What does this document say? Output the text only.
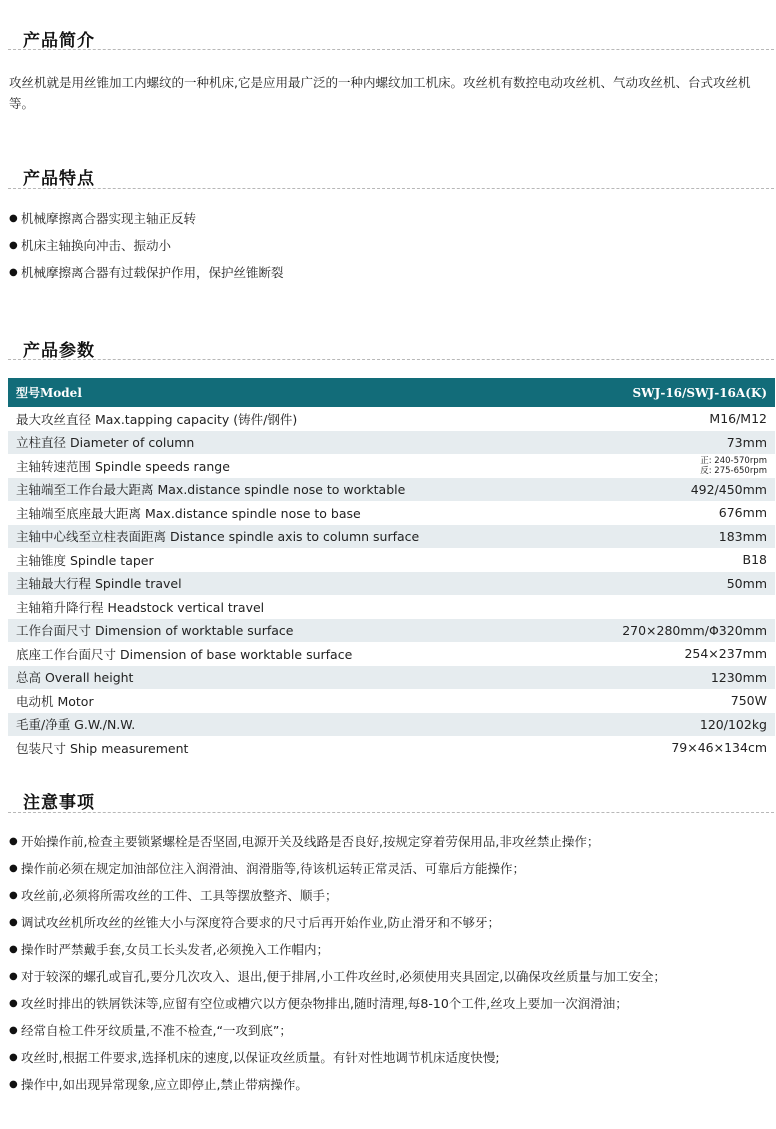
产品简介
攻丝机就是用丝锥加工内螺纹的一种机床,它是应用最广泛的一种内螺纹加工机床。攻丝机有数控电动攻丝机、气动攻丝机、台式攻丝机等。
产品特点
● 机械摩擦离合器实现主轴正反转
● 机床主轴换向冲击、振动小
● 机械摩擦离合器有过载保护作用，保护丝锥断裂
产品参数
型号Model	SWJ-16/SWJ-16A(K)
最大攻丝直径 Max.tapping capacity (铸件/钢件)	M16/M12
立柱直径 Diameter of column	73mm
主轴转速范围 Spindle speeds range	正: 240-570rpm
反: 275-650rpm
主轴端至工作台最大距离 Max.distance spindle nose to worktable	492/450mm
主轴端至底座最大距离 Max.distance spindle nose to base	676mm
主轴中心线至立柱表面距离 Distance spindle axis to column surface	183mm
主轴锥度 Spindle taper	B18
主轴最大行程 Spindle travel	50mm
主轴箱升降行程 Headstock vertical travel	
工作台面尺寸 Dimension of worktable surface	270×280mm/Φ320mm
底座工作台面尺寸 Dimension of base worktable surface	254×237mm
总高 Overall height	1230mm
电动机 Motor	750W
毛重/净重 G.W./N.W.	120/102kg
包装尺寸 Ship measurement	79×46×134cm
注意事项
● 开始操作前,检查主要锁紧螺栓是否坚固,电源开关及线路是否良好,按规定穿着劳保用品,非攻丝禁止操作；
● 操作前必须在规定加油部位注入润滑油、润滑脂等,待该机运转正常灵活、可靠后方能操作；
● 攻丝前,必须将所需攻丝的工件、工具等摆放整齐、顺手；
● 调试攻丝机所攻丝的丝锥大小与深度符合要求的尺寸后再开始作业,防止滑牙和不够牙；
● 操作时严禁戴手套,女员工长头发者,必须挽入工作帽内；
● 对于较深的螺孔或盲孔,要分几次攻入、退出,便于排屑,小工件攻丝时,必须使用夹具固定,以确保攻丝质量与加工安全；
● 攻丝时排出的铁屑铁沫等,应留有空位或槽穴以方便杂物排出,随时清理,每8-10个工件,丝攻上要加一次润滑油；
● 经常自检工件牙纹质量,不准不检查,“一攻到底”；
● 攻丝时,根据工件要求,选择机床的速度,以保证攻丝质量。有针对性地调节机床适度快慢;
● 操作中,如出现异常现象,应立即停止,禁止带病操作。
